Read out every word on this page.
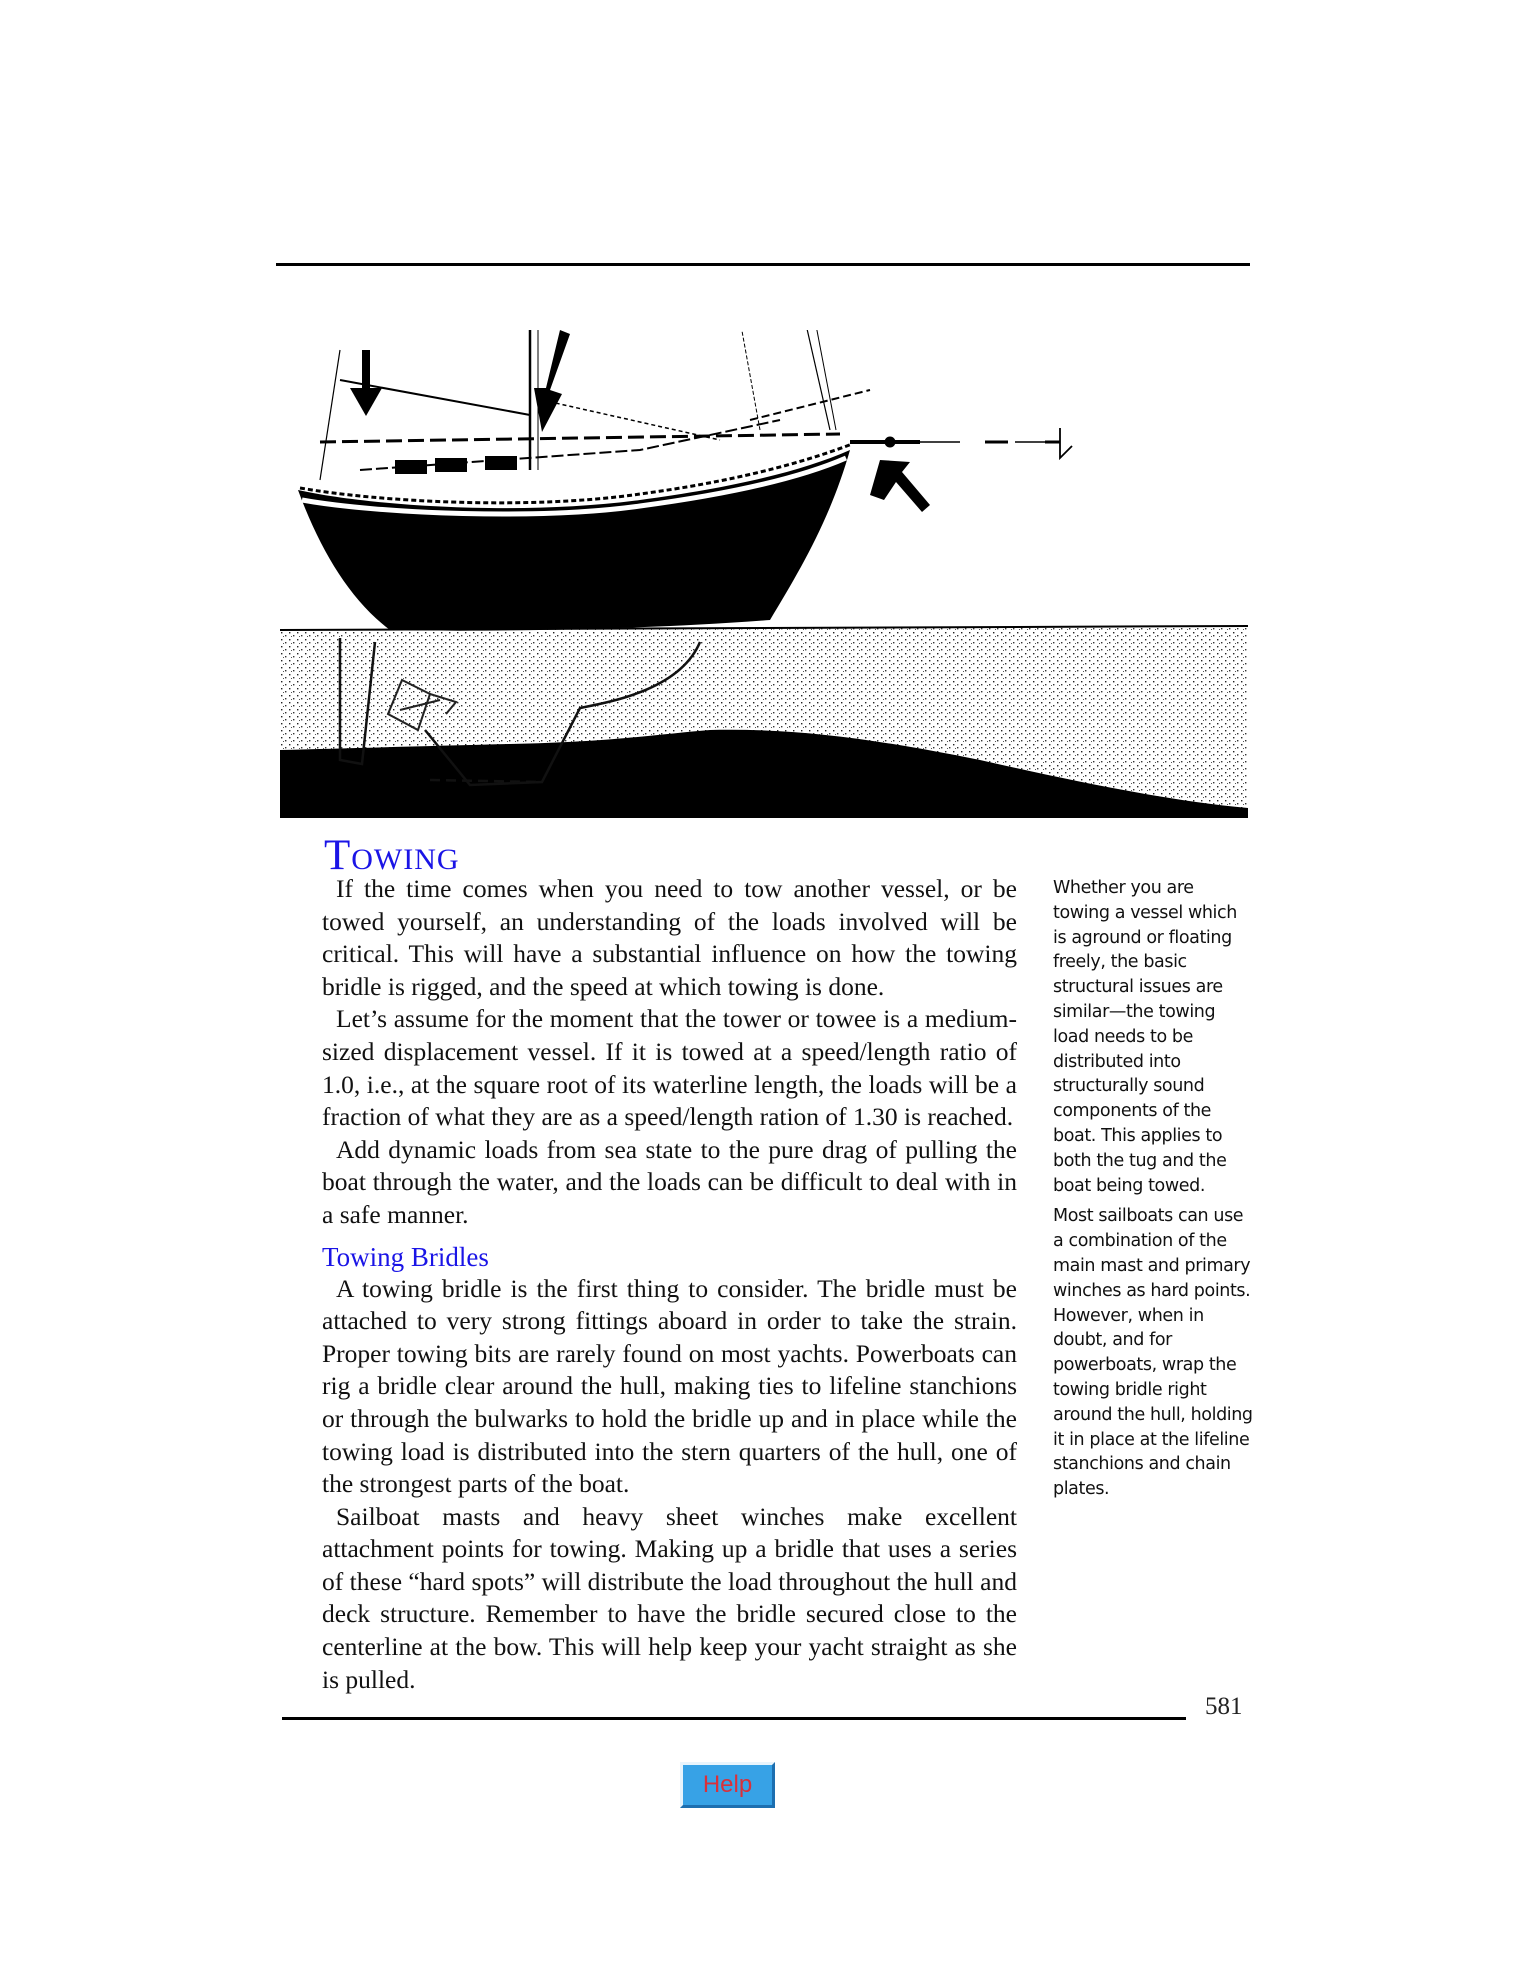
Towing

If the time comes when you need to tow another vessel, or be towed yourself, an understanding of the loads involved will be critical. This will have a substantial influence on how the towing bridle is rigged, and the speed at which towing is done.

Let’s assume for the moment that the tower or towee is a medium-sized displacement vessel. If it is towed at a speed/length ratio of 1.0, i.e., at the square root of its waterline length, the loads will be a fraction of what they are as a speed/length ration of 1.30 is reached.

Add dynamic loads from sea state to the pure drag of pulling the boat through the water, and the loads can be difficult to deal with in a safe manner.

Towing Bridles

A towing bridle is the first thing to consider. The bridle must be attached to very strong fittings aboard in order to take the strain. Proper towing bits are rarely found on most yachts. Powerboats can rig a bridle clear around the hull, making ties to lifeline stanchions or through the bulwarks to hold the bridle up and in place while the towing load is distributed into the stern quarters of the hull, one of the strongest parts of the boat.

Sailboat masts and heavy sheet winches make excellent attachment points for towing. Making up a bridle that uses a series of these “hard spots” will distribute the load throughout the hull and deck structure. Remember to have the bridle secured close to the centerline at the bow. This will help keep your yacht straight as she is pulled.

Whether you are towing a vessel which is aground or floating freely, the basic structural issues are similar—the towing load needs to be distributed into structurally sound components of the boat. This applies to both the tug and the boat being towed.

Most sailboats can use a combination of the main mast and primary winches as hard points. However, when in doubt, and for powerboats, wrap the towing bridle right around the hull, holding it in place at the lifeline stanchions and chain plates.

581
Help
